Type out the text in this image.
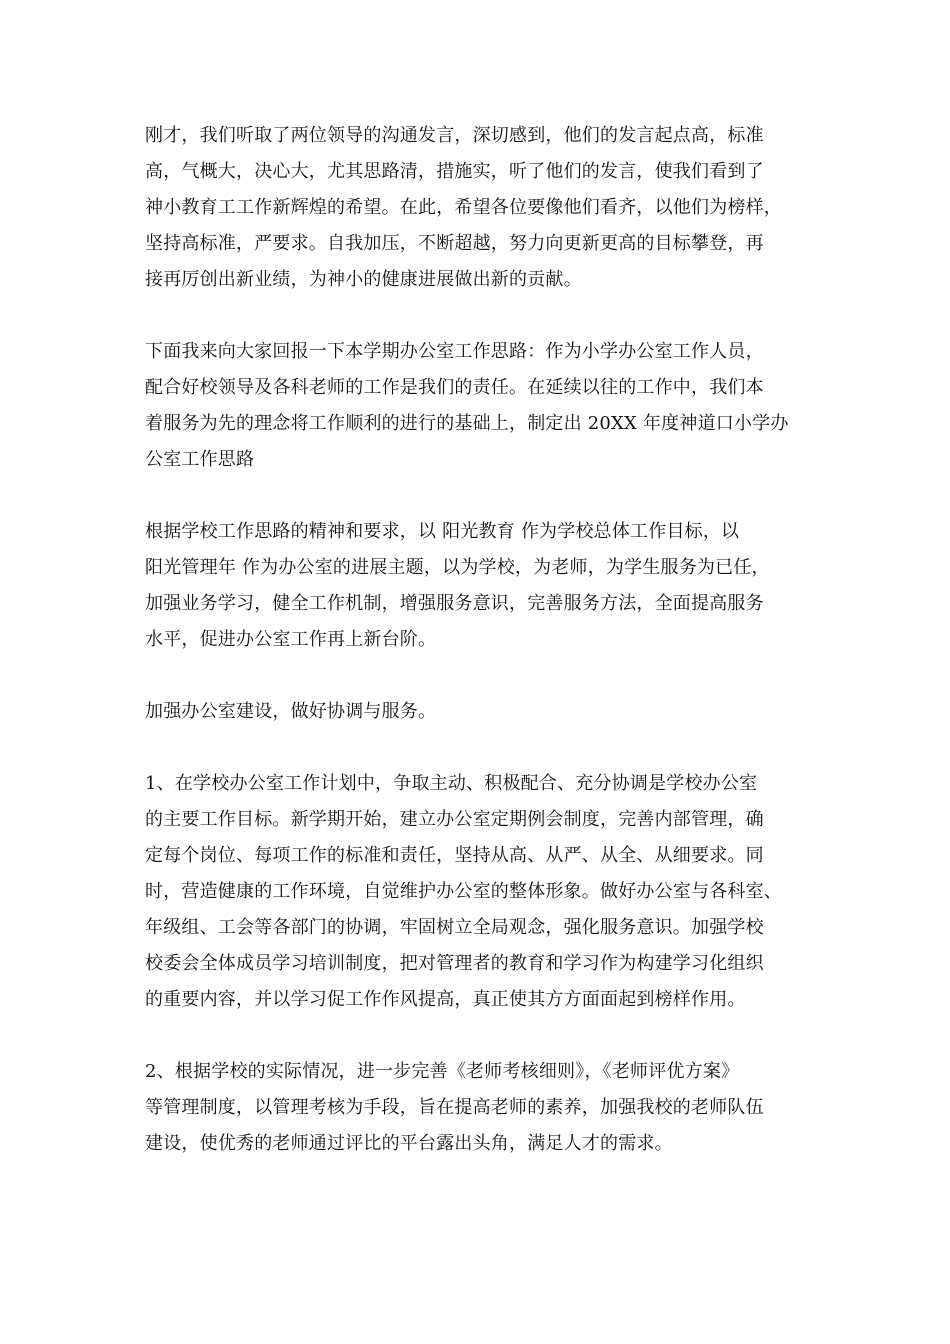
刚才，我们听取了两位领导的沟通发言，深切感到，他们的发言起点高，标准
高，气概大，决心大，尤其思路清，措施实，听了他们的发言，使我们看到了
神小教育工工作新辉煌的希望。在此，希望各位要像他们看齐，以他们为榜样，
坚持高标准，严要求。自我加压，不断超越，努力向更新更高的目标攀登，再
接再厉创出新业绩，为神小的健康进展做出新的贡献。

下面我来向大家回报一下本学期办公室工作思路：作为小学办公室工作人员，
配合好校领导及各科老师的工作是我们的责任。在延续以往的工作中，我们本
着服务为先的理念将工作顺利的进行的基础上，制定出 20XX 年度神道口小学办
公室工作思路

根据学校工作思路的精神和要求，以 阳光教育 作为学校总体工作目标，以
阳光管理年 作为办公室的进展主题，以为学校，为老师，为学生服务为已任，
加强业务学习，健全工作机制，增强服务意识，完善服务方法，全面提高服务
水平，促进办公室工作再上新台阶。

加强办公室建设，做好协调与服务。

1、在学校办公室工作计划中，争取主动、积极配合、充分协调是学校办公室
的主要工作目标。新学期开始，建立办公室定期例会制度，完善内部管理，确
定每个岗位、每项工作的标准和责任，坚持从高、从严、从全、从细要求。同
时，营造健康的工作环境，自觉维护办公室的整体形象。做好办公室与各科室、
年级组、工会等各部门的协调，牢固树立全局观念，强化服务意识。加强学校
校委会全体成员学习培训制度，把对管理者的教育和学习作为构建学习化组织
的重要内容，并以学习促工作作风提高，真正使其方方面面起到榜样作用。

2、根据学校的实际情况，进一步完善《老师考核细则》，《老师评优方案》
等管理制度，以管理考核为手段，旨在提高老师的素养，加强我校的老师队伍
建设，使优秀的老师通过评比的平台露出头角，满足人才的需求。
